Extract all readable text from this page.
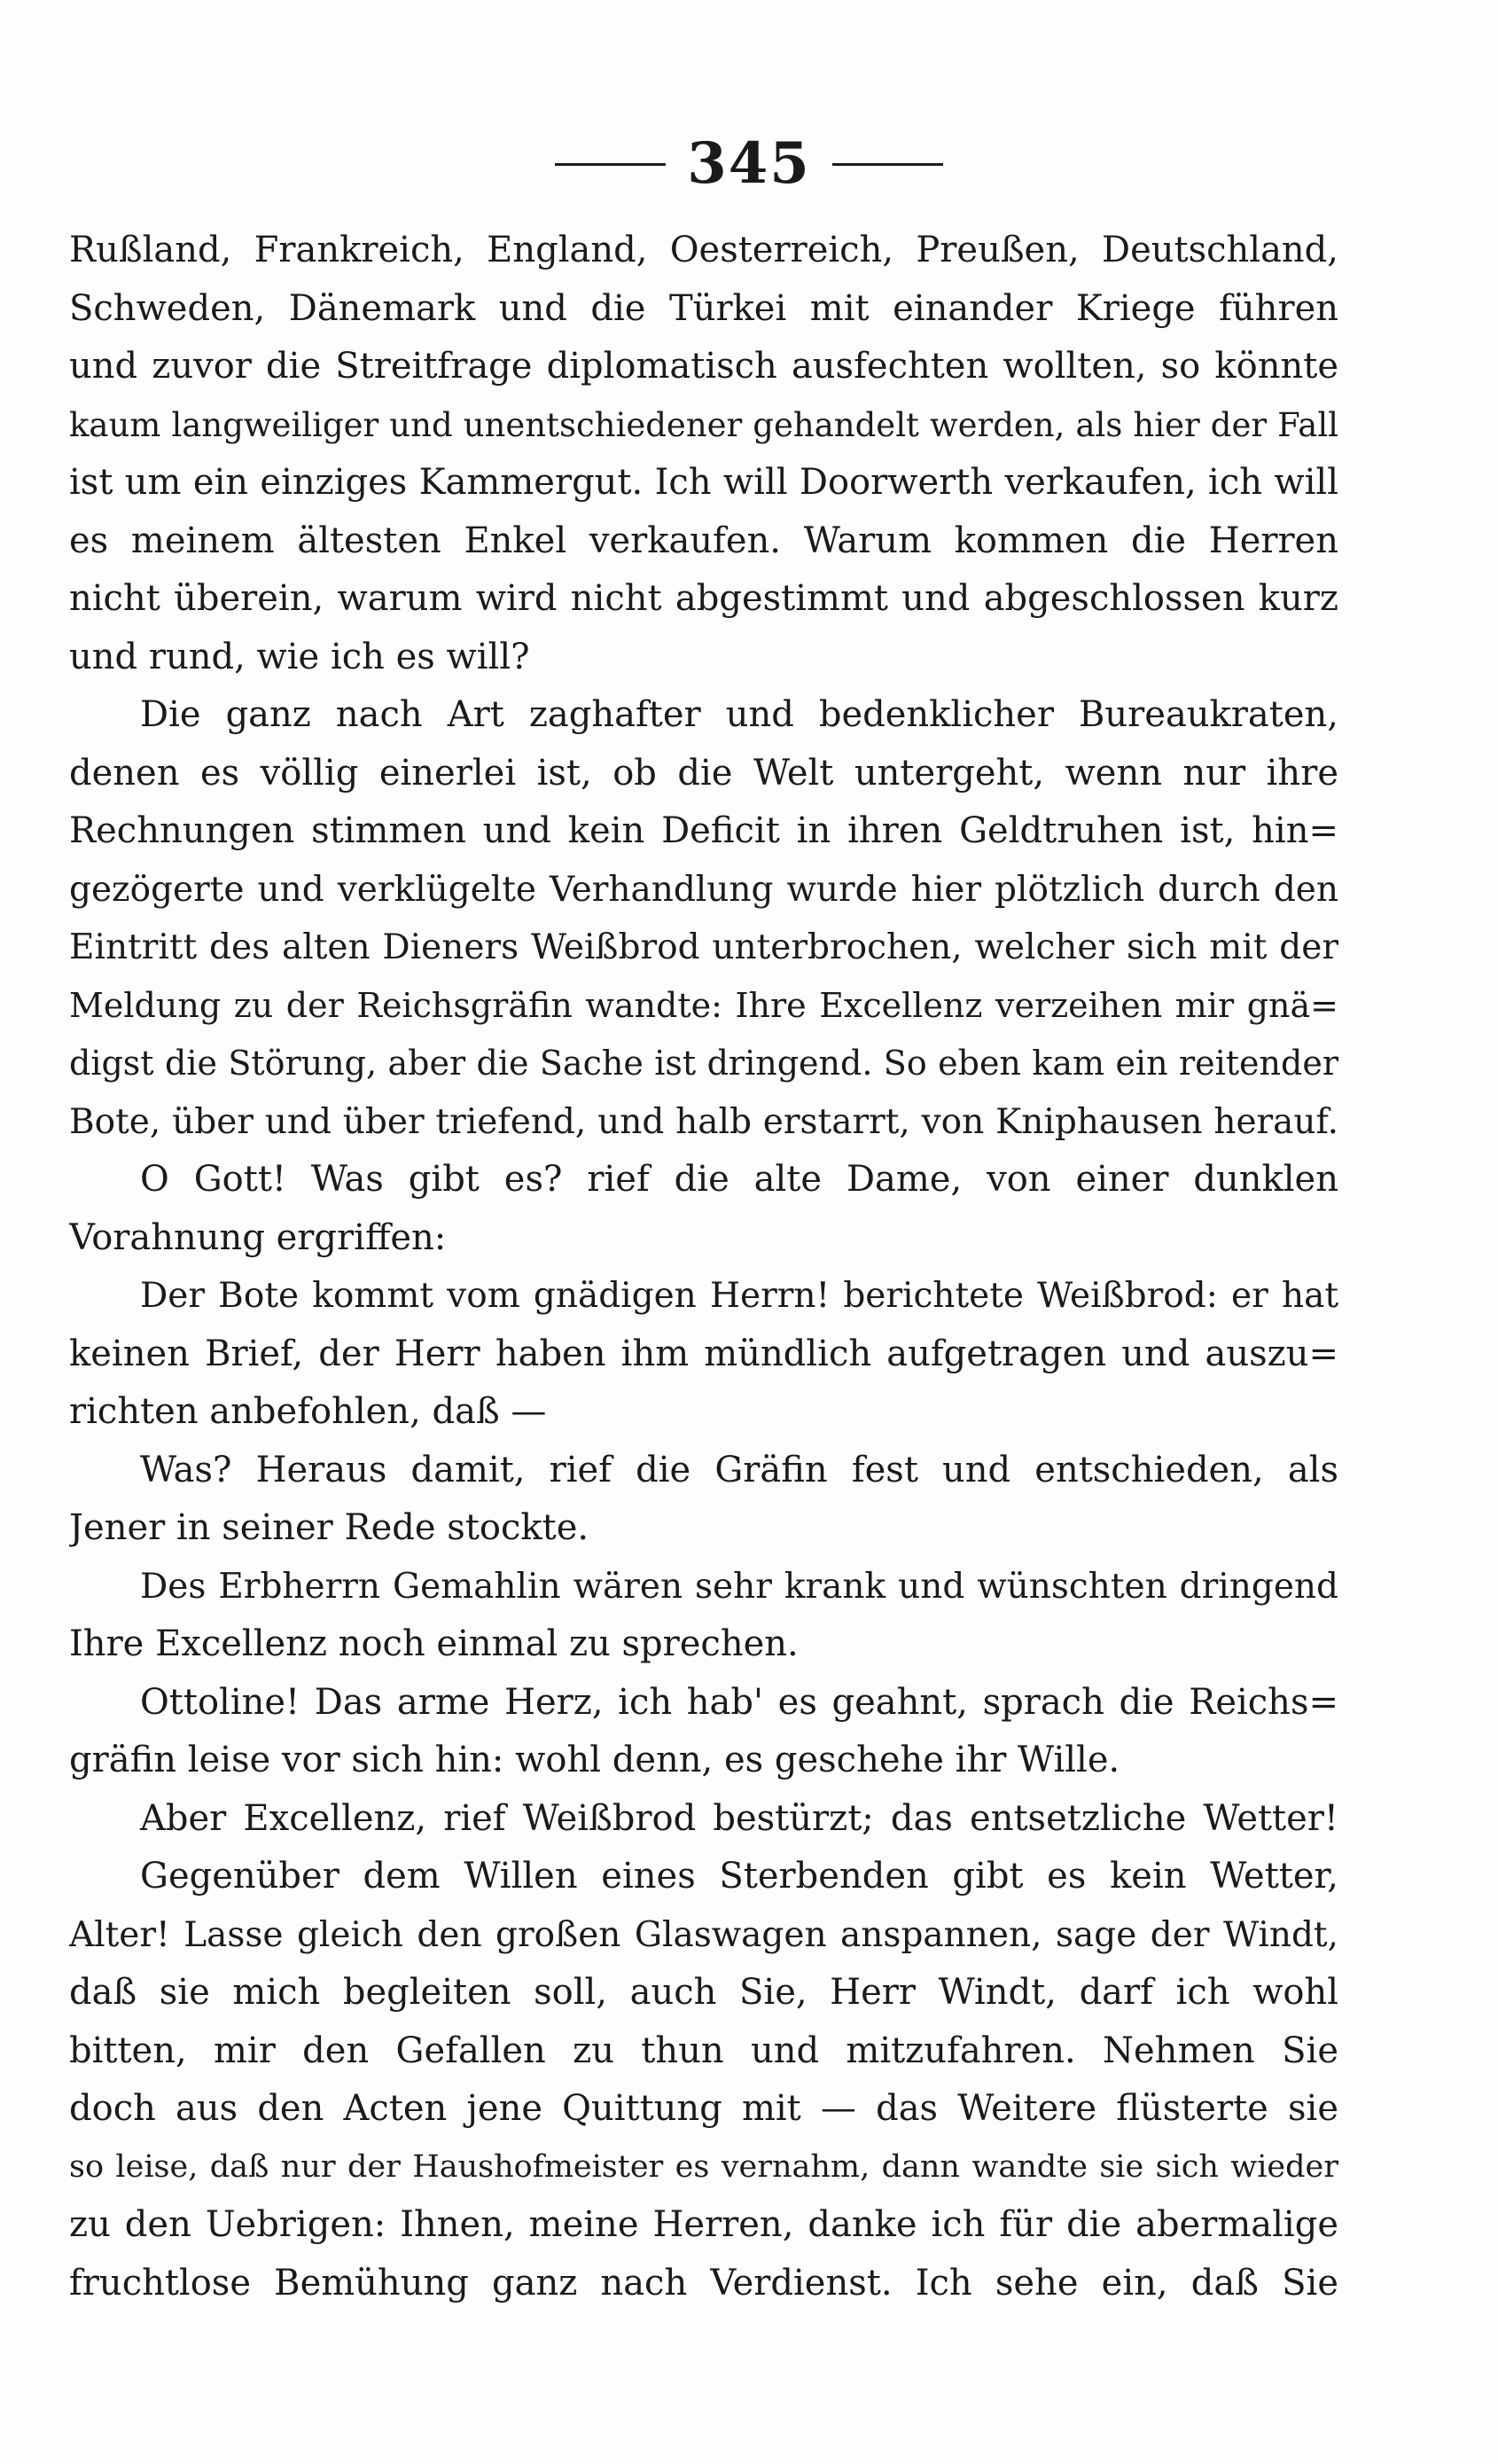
345
Rußland, Frankreich, England, Oesterreich, Preußen, Deutschland,
Schweden, Dänemark und die Türkei mit einander Kriege führen
und zuvor die Streitfrage diplomatisch ausfechten wollten, so könnte
kaum langweiliger und unentschiedener gehandelt werden, als hier der Fall
ist um ein einziges Kammergut. Ich will Doorwerth verkaufen, ich will
es meinem ältesten Enkel verkaufen. Warum kommen die Herren
nicht überein, warum wird nicht abgestimmt und abgeschlossen kurz
und rund, wie ich es will?
Die ganz nach Art zaghafter und bedenklicher Bureaukraten,
denen es völlig einerlei ist, ob die Welt untergeht, wenn nur ihre
Rechnungen stimmen und kein Deficit in ihren Geldtruhen ist, hin=
gezögerte und verklügelte Verhandlung wurde hier plötzlich durch den
Eintritt des alten Dieners Weißbrod unterbrochen, welcher sich mit der
Meldung zu der Reichsgräfin wandte: Ihre Excellenz verzeihen mir gnä=
digst die Störung, aber die Sache ist dringend. So eben kam ein reitender
Bote, über und über triefend, und halb erstarrt, von Kniphausen herauf.
O Gott! Was gibt es? rief die alte Dame, von einer dunklen
Vorahnung ergriffen:
Der Bote kommt vom gnädigen Herrn! berichtete Weißbrod: er hat
keinen Brief, der Herr haben ihm mündlich aufgetragen und auszu=
richten anbefohlen, daß —
Was? Heraus damit, rief die Gräfin fest und entschieden, als
Jener in seiner Rede stockte.
Des Erbherrn Gemahlin wären sehr krank und wünschten dringend
Ihre Excellenz noch einmal zu sprechen.
Ottoline! Das arme Herz, ich hab' es geahnt, sprach die Reichs=
gräfin leise vor sich hin: wohl denn, es geschehe ihr Wille.
Aber Excellenz, rief Weißbrod bestürzt; das entsetzliche Wetter!
Gegenüber dem Willen eines Sterbenden gibt es kein Wetter,
Alter! Lasse gleich den großen Glaswagen anspannen, sage der Windt,
daß sie mich begleiten soll, auch Sie, Herr Windt, darf ich wohl
bitten, mir den Gefallen zu thun und mitzufahren. Nehmen Sie
doch aus den Acten jene Quittung mit — das Weitere flüsterte sie
so leise, daß nur der Haushofmeister es vernahm, dann wandte sie sich wieder
zu den Uebrigen: Ihnen, meine Herren, danke ich für die abermalige
fruchtlose Bemühung ganz nach Verdienst. Ich sehe ein, daß Sie
